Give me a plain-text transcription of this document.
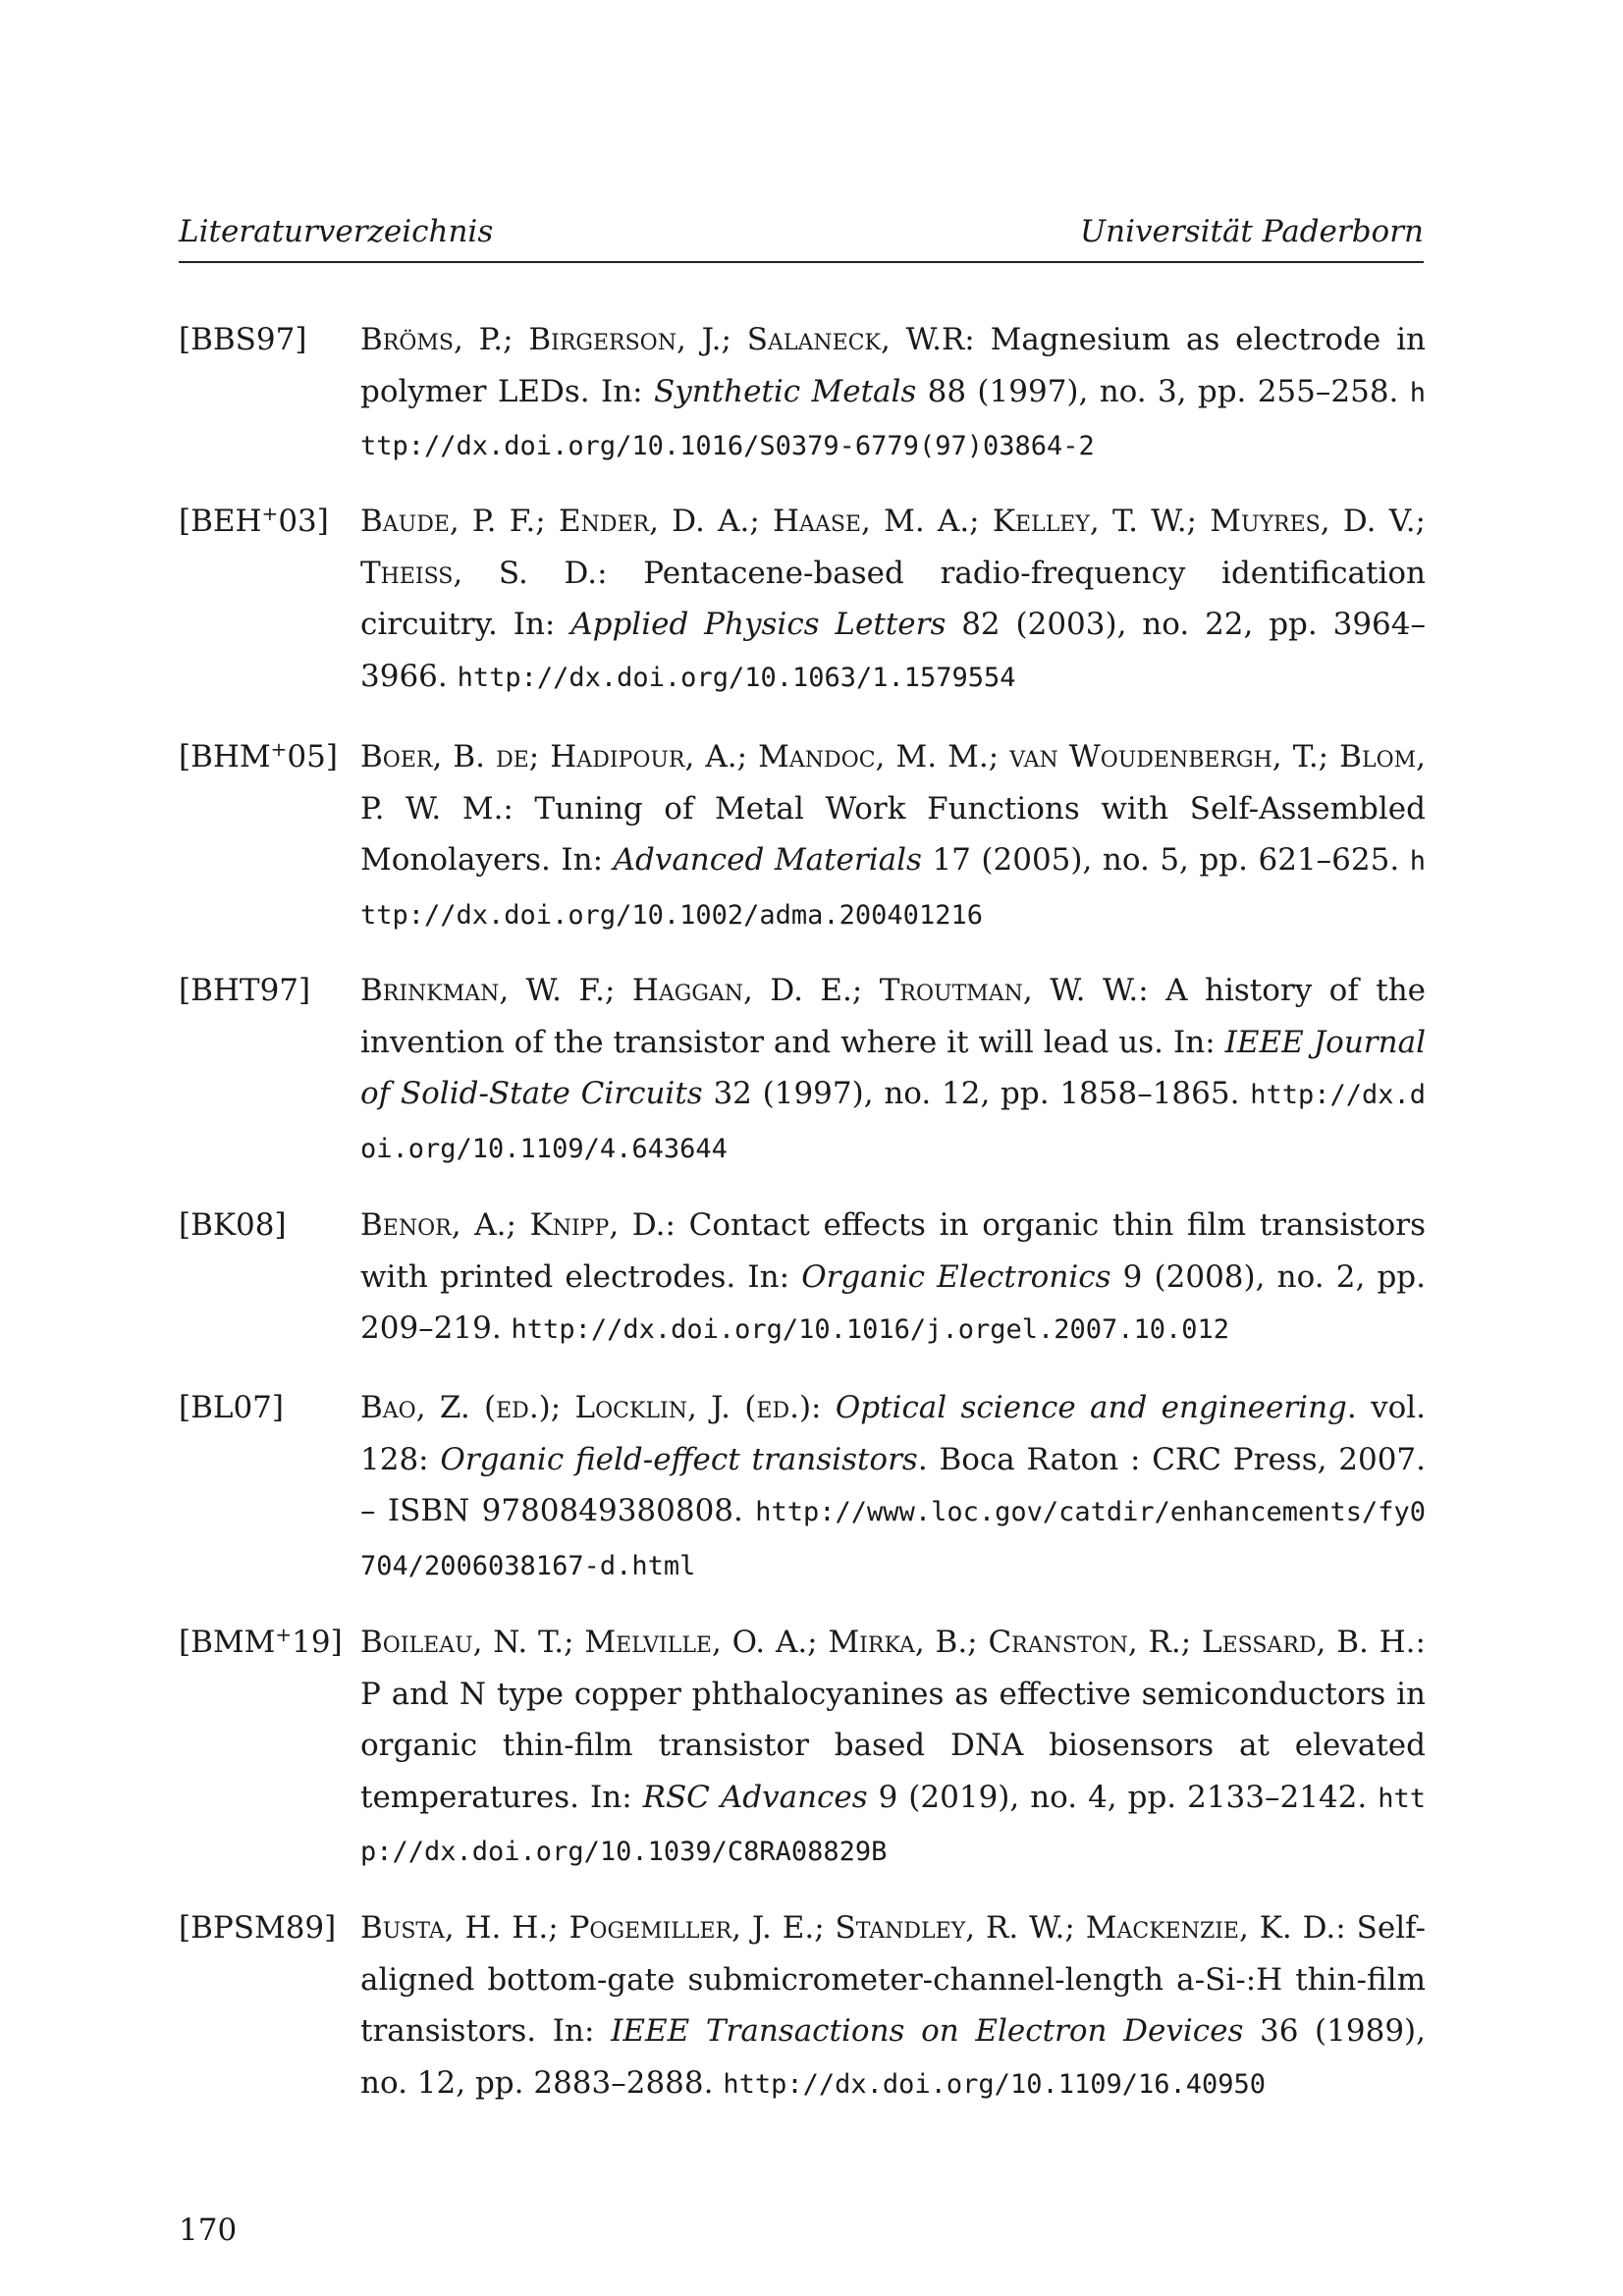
Literaturverzeichnis	Universität Paderborn
[BBS97] Bröms, P.; Birgerson, J.; Salaneck, W.R: Magnesium as electrode in polymer LEDs. In: Synthetic Metals 88 (1997), no. 3, pp. 255–258. http://dx.doi.org/10.1016/S0379-6779(97)03864-2
[BEH+03] Baude, P. F.; Ender, D. A.; Haase, M. A.; Kelley, T. W.; Muyres, D. V.; Theiss, S. D.: Pentacene-based radio-frequency identification circuitry. In: Applied Physics Letters 82 (2003), no. 22, pp. 3964–3966. http://dx.doi.org/10.1063/1.1579554
[BHM+05] Boer, B. de; Hadipour, A.; Mandoc, M. M.; van Woudenbergh, T.; Blom, P. W. M.: Tuning of Metal Work Functions with Self-Assembled Monolayers. In: Advanced Materials 17 (2005), no. 5, pp. 621–625. http://dx.doi.org/10.1002/adma.200401216
[BHT97] Brinkman, W. F.; Haggan, D. E.; Troutman, W. W.: A history of the invention of the transistor and where it will lead us. In: IEEE Journal of Solid-State Circuits 32 (1997), no. 12, pp. 1858–1865. http://dx.doi.org/10.1109/4.643644
[BK08] Benor, A.; Knipp, D.: Contact effects in organic thin film transistors with printed electrodes. In: Organic Electronics 9 (2008), no. 2, pp. 209–219. http://dx.doi.org/10.1016/j.orgel.2007.10.012
[BL07]	Bao, Z. (ed.); Locklin, J. (ed.): Optical science and engineering. vol. 128: Organic field-effect transistors. Boca Raton : CRC Press, 2007. – ISBN 9780849380808. http://www.loc.gov/catdir/enhancements/fy0704/2006038167-d.html
[BMM+19] Boileau, N. T.; Melville, O. A.; Mirka, B.; Cranston, R.; Lessard, B. H.: P and N type copper phthalocyanines as effective semiconductors in organic thin-film transistor based DNA biosensors at elevated temperatures. In: RSC Advances 9 (2019), no. 4, pp. 2133–2142. http://dx.doi.org/10.1039/C8RA08829B
[BPSM89] Busta, H. H.; Pogemiller, J. E.; Standley, R. W.; Mackenzie, K. D.: Self-aligned bottom-gate submicrometer-channel-length a-Si-:H thin-film transistors. In: IEEE Transactions on Electron Devices 36 (1989), no. 12, pp. 2883–2888. http://dx.doi.org/10.1109/16.40950
170
